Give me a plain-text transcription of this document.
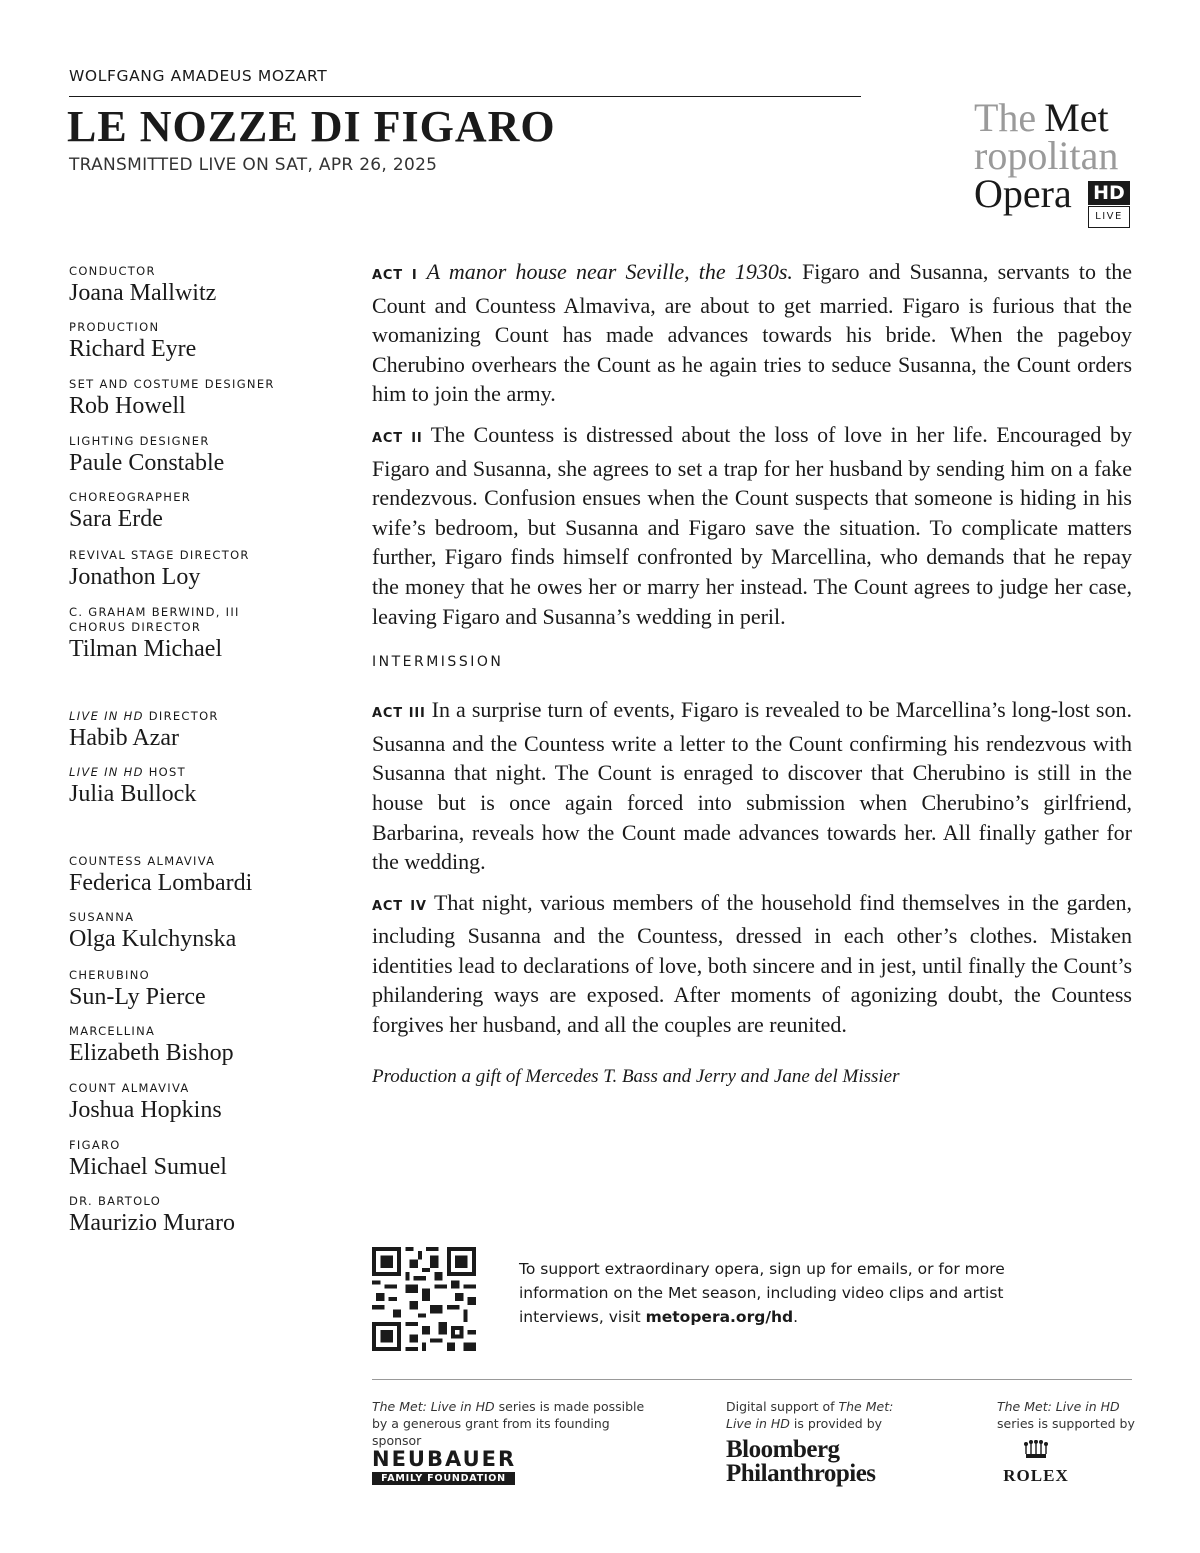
WOLFGANG AMADEUS MOZART
LE NOZZE DI FIGARO
TRANSMITTED LIVE ON SAT, APR 26, 2025
The Met
ropolitan
Opera HD
LIVE
CONDUCTOR
Joana Mallwitz
PRODUCTION
Richard Eyre
SET AND COSTUME DESIGNER
Rob Howell
LIGHTING DESIGNER
Paule Constable
CHOREOGRAPHER
Sara Erde
REVIVAL STAGE DIRECTOR
Jonathon Loy
C. GRAHAM BERWIND, III
CHORUS DIRECTOR
Tilman Michael
LIVE IN HD DIRECTOR
Habib Azar
LIVE IN HD HOST
Julia Bullock
COUNTESS ALMAVIVA
Federica Lombardi
SUSANNA
Olga Kulchynska
CHERUBINO
Sun-Ly Pierce
MARCELLINA
Elizabeth Bishop
COUNT ALMAVIVA
Joshua Hopkins
FIGARO
Michael Sumuel
DR. BARTOLO
Maurizio Muraro

ACT I A manor house near Seville, the 1930s. Figaro and Susanna, servants to the Count and Countess Almaviva, are about to get married. Figaro is furious that the womanizing Count has made advances towards his bride. When the pageboy Cherubino overhears the Count as he again tries to seduce Susanna, the Count orders him to join the army.

ACT II The Countess is distressed about the loss of love in her life. Encouraged by Figaro and Susanna, she agrees to set a trap for her husband by sending him on a fake rendezvous. Confusion ensues when the Count suspects that someone is hiding in his wife’s bedroom, but Susanna and Figaro save the situation. To complicate matters further, Figaro finds himself confronted by Marcellina, who demands that he repay the money that he owes her or marry her instead. The Count agrees to judge her case, leaving Figaro and Susanna’s wedding in peril.

INTERMISSION

ACT III In a surprise turn of events, Figaro is revealed to be Marcellina’s long-lost son. Susanna and the Countess write a letter to the Count confirming his rendezvous with Susanna that night. The Count is enraged to discover that Cherubino is still in the house but is once again forced into submission when Cherubino’s girlfriend, Barbarina, reveals how the Count made advances towards her. All finally gather for the wedding.

ACT IV That night, various members of the household find themselves in the garden, including Susanna and the Countess, dressed in each other’s clothes. Mistaken identities lead to declarations of love, both sincere and in jest, until finally the Count’s philandering ways are exposed. After moments of agonizing doubt, the Countess forgives her husband, and all the couples are reunited.

Production a gift of Mercedes T. Bass and Jerry and Jane del Missier
To support extraordinary opera, sign up for emails, or for more information on the Met season, including video clips and artist interviews, visit metopera.org/hd.
The Met: Live in HD series is made possible by a generous grant from its founding sponsor
NEUBAUER
FAMILY FOUNDATION
Digital support of The Met:
Live in HD is provided by
Bloomberg
Philanthropies
The Met: Live in HD
series is supported by
ROLEX
